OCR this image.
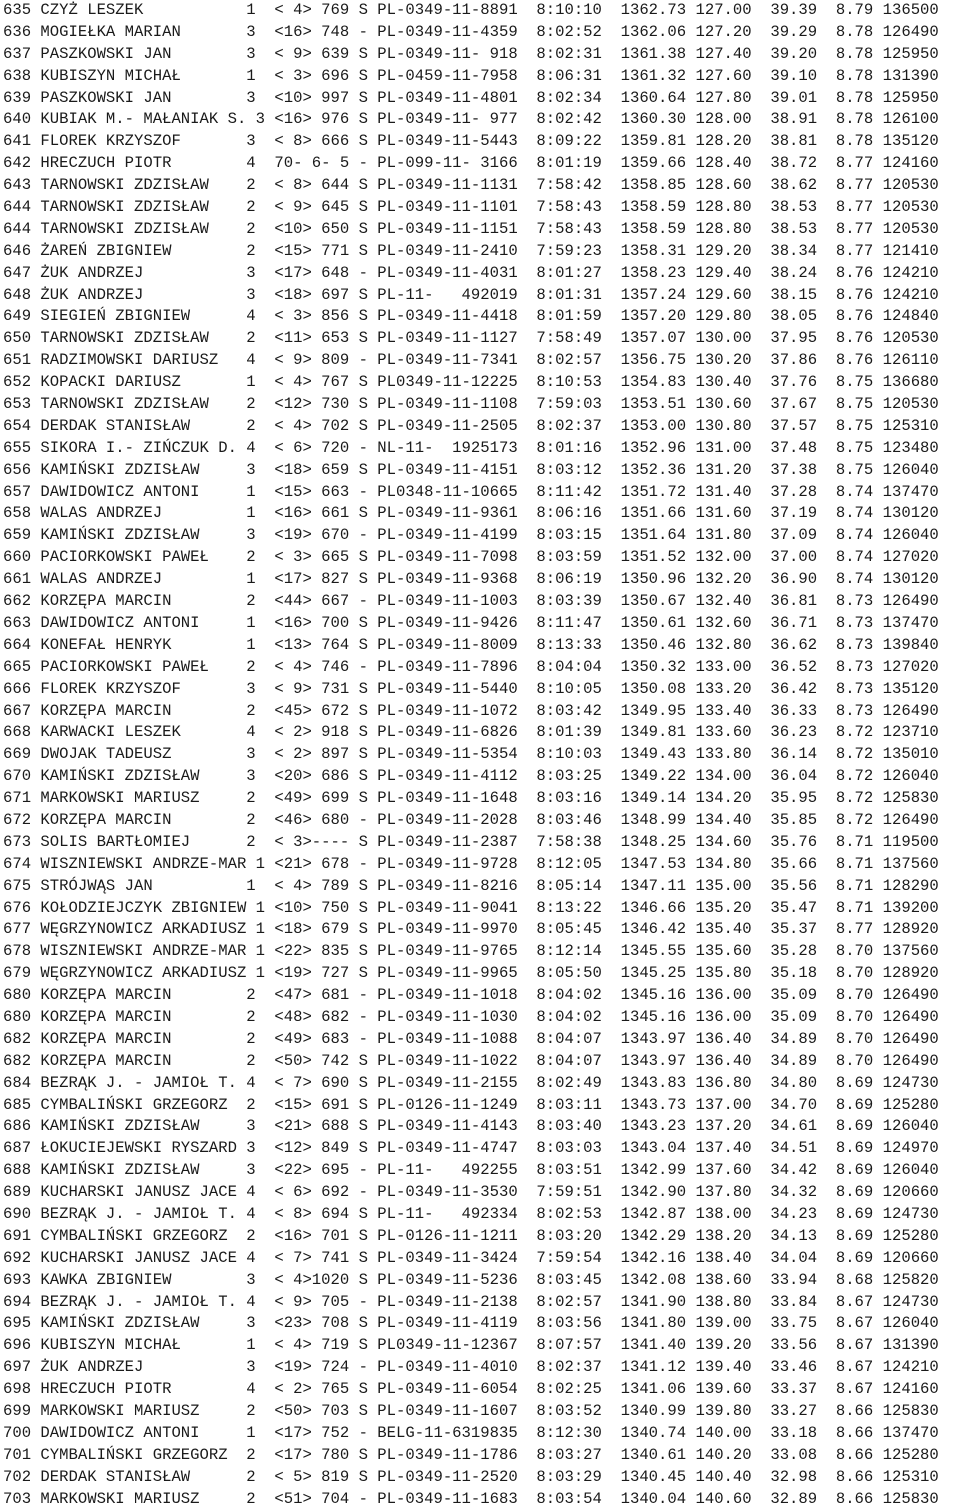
635 CZYŻ LESZEK           1  < 4> 769 S PL-0349-11-8891  8:10:10  1362.73 127.00  39.39  8.79 136500
636 MOGIEŁKA MARIAN       3  <16> 748 - PL-0349-11-4359  8:02:52  1362.06 127.20  39.29  8.78 126490
637 PASZKOWSKI JAN        3  < 9> 639 S PL-0349-11- 918  8:02:31  1361.38 127.40  39.20  8.78 125950
638 KUBISZYN MICHAŁ       1  < 3> 696 S PL-0459-11-7958  8:06:31  1361.32 127.60  39.10  8.78 131390
639 PASZKOWSKI JAN        3  <10> 997 S PL-0349-11-4801  8:02:34  1360.64 127.80  39.01  8.78 125950
640 KUBIAK M.- MAŁANIAK S. 3 <16> 976 S PL-0349-11- 977  8:02:42  1360.30 128.00  38.91  8.78 126100
641 FLOREK KRZYSZOF       3  < 8> 666 S PL-0349-11-5443  8:09:22  1359.81 128.20  38.81  8.78 135120
642 HRECZUCH PIOTR        4  70- 6- 5 - PL-099-11- 3166  8:01:19  1359.66 128.40  38.72  8.77 124160
643 TARNOWSKI ZDZISŁAW    2  < 8> 644 S PL-0349-11-1131  7:58:42  1358.85 128.60  38.62  8.77 120530
644 TARNOWSKI ZDZISŁAW    2  < 9> 645 S PL-0349-11-1101  7:58:43  1358.59 128.80  38.53  8.77 120530
644 TARNOWSKI ZDZISŁAW    2  <10> 650 S PL-0349-11-1151  7:58:43  1358.59 128.80  38.53  8.77 120530
646 ŻAREŃ ZBIGNIEW        2  <15> 771 S PL-0349-11-2410  7:59:23  1358.31 129.20  38.34  8.77 121410
647 ŻUK ANDRZEJ           3  <17> 648 - PL-0349-11-4031  8:01:27  1358.23 129.40  38.24  8.76 124210
648 ŻUK ANDRZEJ           3  <18> 697 S PL-11-   492019  8:01:31  1357.24 129.60  38.15  8.76 124210
649 SIEGIEŃ ZBIGNIEW      4  < 3> 856 S PL-0349-11-4418  8:01:59  1357.20 129.80  38.05  8.76 124840
650 TARNOWSKI ZDZISŁAW    2  <11> 653 S PL-0349-11-1127  7:58:49  1357.07 130.00  37.95  8.76 120530
651 RADZIMOWSKI DARIUSZ   4  < 9> 809 - PL-0349-11-7341  8:02:57  1356.75 130.20  37.86  8.76 126110
652 KOPACKI DARIUSZ       1  < 4> 767 S PL0349-11-12225  8:10:53  1354.83 130.40  37.76  8.75 136680
653 TARNOWSKI ZDZISŁAW    2  <12> 730 S PL-0349-11-1108  7:59:03  1353.51 130.60  37.67  8.75 120530
654 DERDAK STANISŁAW      2  < 4> 702 S PL-0349-11-2505  8:02:37  1353.00 130.80  37.57  8.75 125310
655 SIKORA I.- ZIŃCZUK D. 4  < 6> 720 - NL-11-  1925173  8:01:16  1352.96 131.00  37.48  8.75 123480
656 KAMIŃSKI ZDZISŁAW     3  <18> 659 S PL-0349-11-4151  8:03:12  1352.36 131.20  37.38  8.75 126040
657 DAWIDOWICZ ANTONI     1  <15> 663 - PL0348-11-10665  8:11:42  1351.72 131.40  37.28  8.74 137470
658 WALAS ANDRZEJ         1  <16> 661 S PL-0349-11-9361  8:06:16  1351.66 131.60  37.19  8.74 130120
659 KAMIŃSKI ZDZISŁAW     3  <19> 670 - PL-0349-11-4199  8:03:15  1351.64 131.80  37.09  8.74 126040
660 PACIORKOWSKI PAWEŁ    2  < 3> 665 S PL-0349-11-7098  8:03:59  1351.52 132.00  37.00  8.74 127020
661 WALAS ANDRZEJ         1  <17> 827 S PL-0349-11-9368  8:06:19  1350.96 132.20  36.90  8.74 130120
662 KORZĘPA MARCIN        2  <44> 667 - PL-0349-11-1003  8:03:39  1350.67 132.40  36.81  8.73 126490
663 DAWIDOWICZ ANTONI     1  <16> 700 S PL-0349-11-9426  8:11:47  1350.61 132.60  36.71  8.73 137470
664 KONEFAŁ HENRYK        1  <13> 764 S PL-0349-11-8009  8:13:33  1350.46 132.80  36.62  8.73 139840
665 PACIORKOWSKI PAWEŁ    2  < 4> 746 - PL-0349-11-7896  8:04:04  1350.32 133.00  36.52  8.73 127020
666 FLOREK KRZYSZOF       3  < 9> 731 S PL-0349-11-5440  8:10:05  1350.08 133.20  36.42  8.73 135120
667 KORZĘPA MARCIN        2  <45> 672 S PL-0349-11-1072  8:03:42  1349.95 133.40  36.33  8.73 126490
668 KARWACKI LESZEK       4  < 2> 918 S PL-0349-11-6826  8:01:39  1349.81 133.60  36.23  8.72 123710
669 DWOJAK TADEUSZ        3  < 2> 897 S PL-0349-11-5354  8:10:03  1349.43 133.80  36.14  8.72 135010
670 KAMIŃSKI ZDZISŁAW     3  <20> 686 S PL-0349-11-4112  8:03:25  1349.22 134.00  36.04  8.72 126040
671 MARKOWSKI MARIUSZ     2  <49> 699 S PL-0349-11-1648  8:03:16  1349.14 134.20  35.95  8.72 125830
672 KORZĘPA MARCIN        2  <46> 680 - PL-0349-11-2028  8:03:46  1348.99 134.40  35.85  8.72 126490
673 SOLIS BARTŁOMIEJ      2  < 3>---- S PL-0349-11-2387  7:58:38  1348.25 134.60  35.76  8.71 119500
674 WISZNIEWSKI ANDRZE-MAR 1 <21> 678 - PL-0349-11-9728  8:12:05  1347.53 134.80  35.66  8.71 137560
675 STRÓJWĄS JAN          1  < 4> 789 S PL-0349-11-8216  8:05:14  1347.11 135.00  35.56  8.71 128290
676 KOŁODZIEJCZYK ZBIGNIEW 1 <10> 750 S PL-0349-11-9041  8:13:22  1346.66 135.20  35.47  8.71 139200
677 WĘGRZYNOWICZ ARKADIUSZ 1 <18> 679 S PL-0349-11-9970  8:05:45  1346.42 135.40  35.37  8.77 128920
678 WISZNIEWSKI ANDRZE-MAR 1 <22> 835 S PL-0349-11-9765  8:12:14  1345.55 135.60  35.28  8.70 137560
679 WĘGRZYNOWICZ ARKADIUSZ 1 <19> 727 S PL-0349-11-9965  8:05:50  1345.25 135.80  35.18  8.70 128920
680 KORZĘPA MARCIN        2  <47> 681 - PL-0349-11-1018  8:04:02  1345.16 136.00  35.09  8.70 126490
680 KORZĘPA MARCIN        2  <48> 682 - PL-0349-11-1030  8:04:02  1345.16 136.00  35.09  8.70 126490
682 KORZĘPA MARCIN        2  <49> 683 - PL-0349-11-1088  8:04:07  1343.97 136.40  34.89  8.70 126490
682 KORZĘPA MARCIN        2  <50> 742 S PL-0349-11-1022  8:04:07  1343.97 136.40  34.89  8.70 126490
684 BEZRĄK J. - JAMIOŁ T. 4  < 7> 690 S PL-0349-11-2155  8:02:49  1343.83 136.80  34.80  8.69 124730
685 CYMBALIŃSKI GRZEGORZ  2  <15> 691 S PL-0126-11-1249  8:03:11  1343.73 137.00  34.70  8.69 125280
686 KAMIŃSKI ZDZISŁAW     3  <21> 688 S PL-0349-11-4143  8:03:40  1343.23 137.20  34.61  8.69 126040
687 ŁOKUCIEJEWSKI RYSZARD 3  <12> 849 S PL-0349-11-4747  8:03:03  1343.04 137.40  34.51  8.69 124970
688 KAMIŃSKI ZDZISŁAW     3  <22> 695 - PL-11-   492255  8:03:51  1342.99 137.60  34.42  8.69 126040
689 KUCHARSKI JANUSZ JACE 4  < 6> 692 - PL-0349-11-3530  7:59:51  1342.90 137.80  34.32  8.69 120660
690 BEZRĄK J. - JAMIOŁ T. 4  < 8> 694 S PL-11-   492334  8:02:53  1342.87 138.00  34.23  8.69 124730
691 CYMBALIŃSKI GRZEGORZ  2  <16> 701 S PL-0126-11-1211  8:03:20  1342.29 138.20  34.13  8.69 125280
692 KUCHARSKI JANUSZ JACE 4  < 7> 741 S PL-0349-11-3424  7:59:54  1342.16 138.40  34.04  8.69 120660
693 KAWKA ZBIGNIEW        3  < 4>1020 S PL-0349-11-5236  8:03:45  1342.08 138.60  33.94  8.68 125820
694 BEZRĄK J. - JAMIOŁ T. 4  < 9> 705 - PL-0349-11-2138  8:02:57  1341.90 138.80  33.84  8.67 124730
695 KAMIŃSKI ZDZISŁAW     3  <23> 708 S PL-0349-11-4119  8:03:56  1341.80 139.00  33.75  8.67 126040
696 KUBISZYN MICHAŁ       1  < 4> 719 S PL0349-11-12367  8:07:57  1341.40 139.20  33.56  8.67 131390
697 ŻUK ANDRZEJ           3  <19> 724 - PL-0349-11-4010  8:02:37  1341.12 139.40  33.46  8.67 124210
698 HRECZUCH PIOTR        4  < 2> 765 S PL-0349-11-6054  8:02:25  1341.06 139.60  33.37  8.67 124160
699 MARKOWSKI MARIUSZ     2  <50> 703 S PL-0349-11-1607  8:03:52  1340.99 139.80  33.27  8.66 125830
700 DAWIDOWICZ ANTONI     1  <17> 752 - BELG-11-6319835  8:12:30  1340.74 140.00  33.18  8.66 137470
701 CYMBALIŃSKI GRZEGORZ  2  <17> 780 S PL-0349-11-1786  8:03:27  1340.61 140.20  33.08  8.66 125280
702 DERDAK STANISŁAW      2  < 5> 819 S PL-0349-11-2520  8:03:29  1340.45 140.40  32.98  8.66 125310
703 MARKOWSKI MARIUSZ     2  <51> 704 - PL-0349-11-1683  8:03:54  1340.04 140.60  32.89  8.66 125830
